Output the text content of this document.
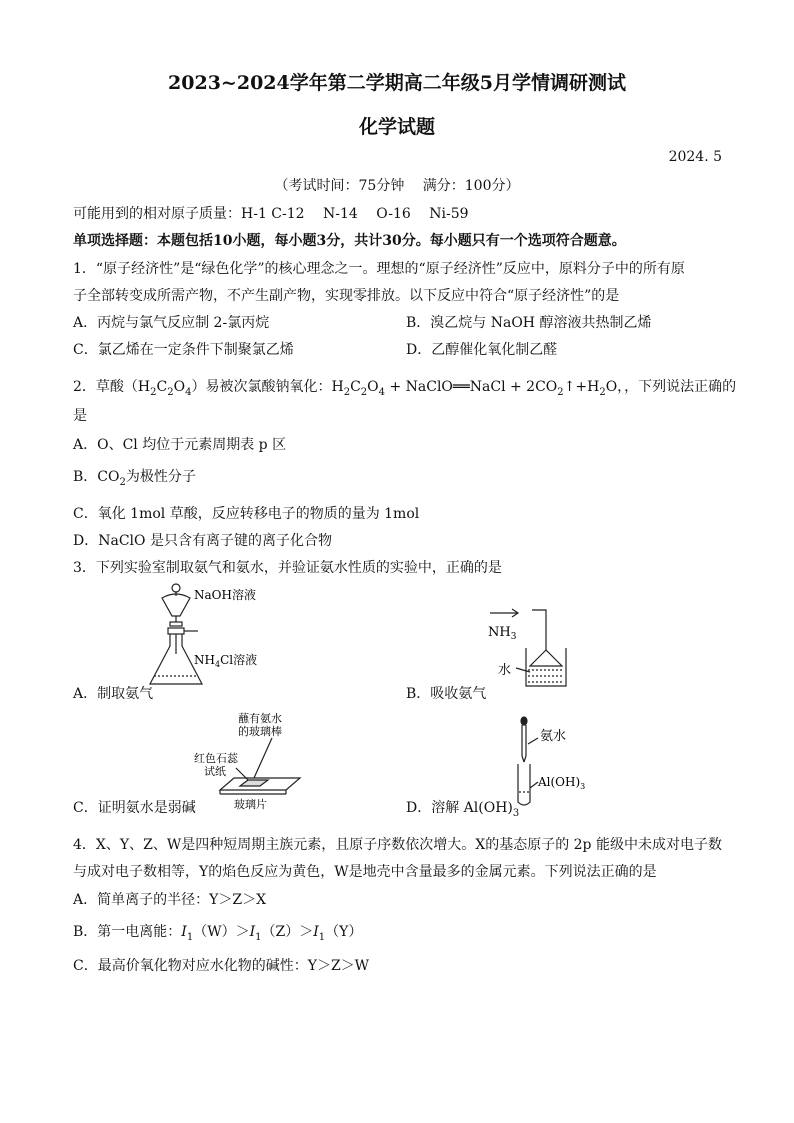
2023~2024学年第二学期高二年级5月学情调研测试
化学试题
2024. 5
（考试时间：75分钟　 满分：100分）
可能用到的相对原子质量：H-1 C-12　 N-14　 O-16　 Ni-59
单项选择题：本题包括10小题，每小题3分，共计30分。每小题只有一个选项符合题意。
1．“原子经济性”是“绿色化学”的核心理念之一。理想的“原子经济性”反应中，原料分子中的所有原
子全部转变成所需产物，不产生副产物，实现零排放。以下反应中符合“原子经济性”的是
A．丙烷与氯气反应制 2-氯丙烷	B．溴乙烷与 NaOH 醇溶液共热制乙烯
C．氯乙烯在一定条件下制聚氯乙烯	D．乙醇催化氧化制乙醛
2．草酸$(H_2C_2O_4)$易被次氯酸钠氧化：$H_2C_2O_4$ + NaClO══NaCl + $2CO_2↑+H_2O$，，下列说法正确的
是
A．O、Cl 均位于元素周期表 p 区
B．$CO_2$为极性分子
C．氧化 1mol 草酸，反应转移电子的物质的量为 1mol
D．NaClO 是只含有离子键的离子化合物
3．下列实验室制取氨气和氨水，并验证氨水性质的实验中，正确的是
NaOH溶液
$NH_4Cl$溶液
A．制取氨气
$NH_3$
水
B．吸收氨气
蘸有氨水
的玻璃棒
红色石蕊
试纸
玻璃片
C．证明氨水是弱碱
氨水
$Al(OH)_3$
D．溶解 $Al(OH)_3$
4．X、Y、Z、W是四种短周期主族元素，且原子序数依次增大。X的基态原子的 2p 能级中未成对电子数
与成对电子数相等，Y的焰色反应为黄色，W是地壳中含量最多的金属元素。下列说法正确的是
A．简单离子的半径：Y＞Z＞X
B．第一电离能：$I_1(W)>I_1(Z)>I_1(Y)$
C．最高价氧化物对应水化物的碱性：Y＞Z＞W
